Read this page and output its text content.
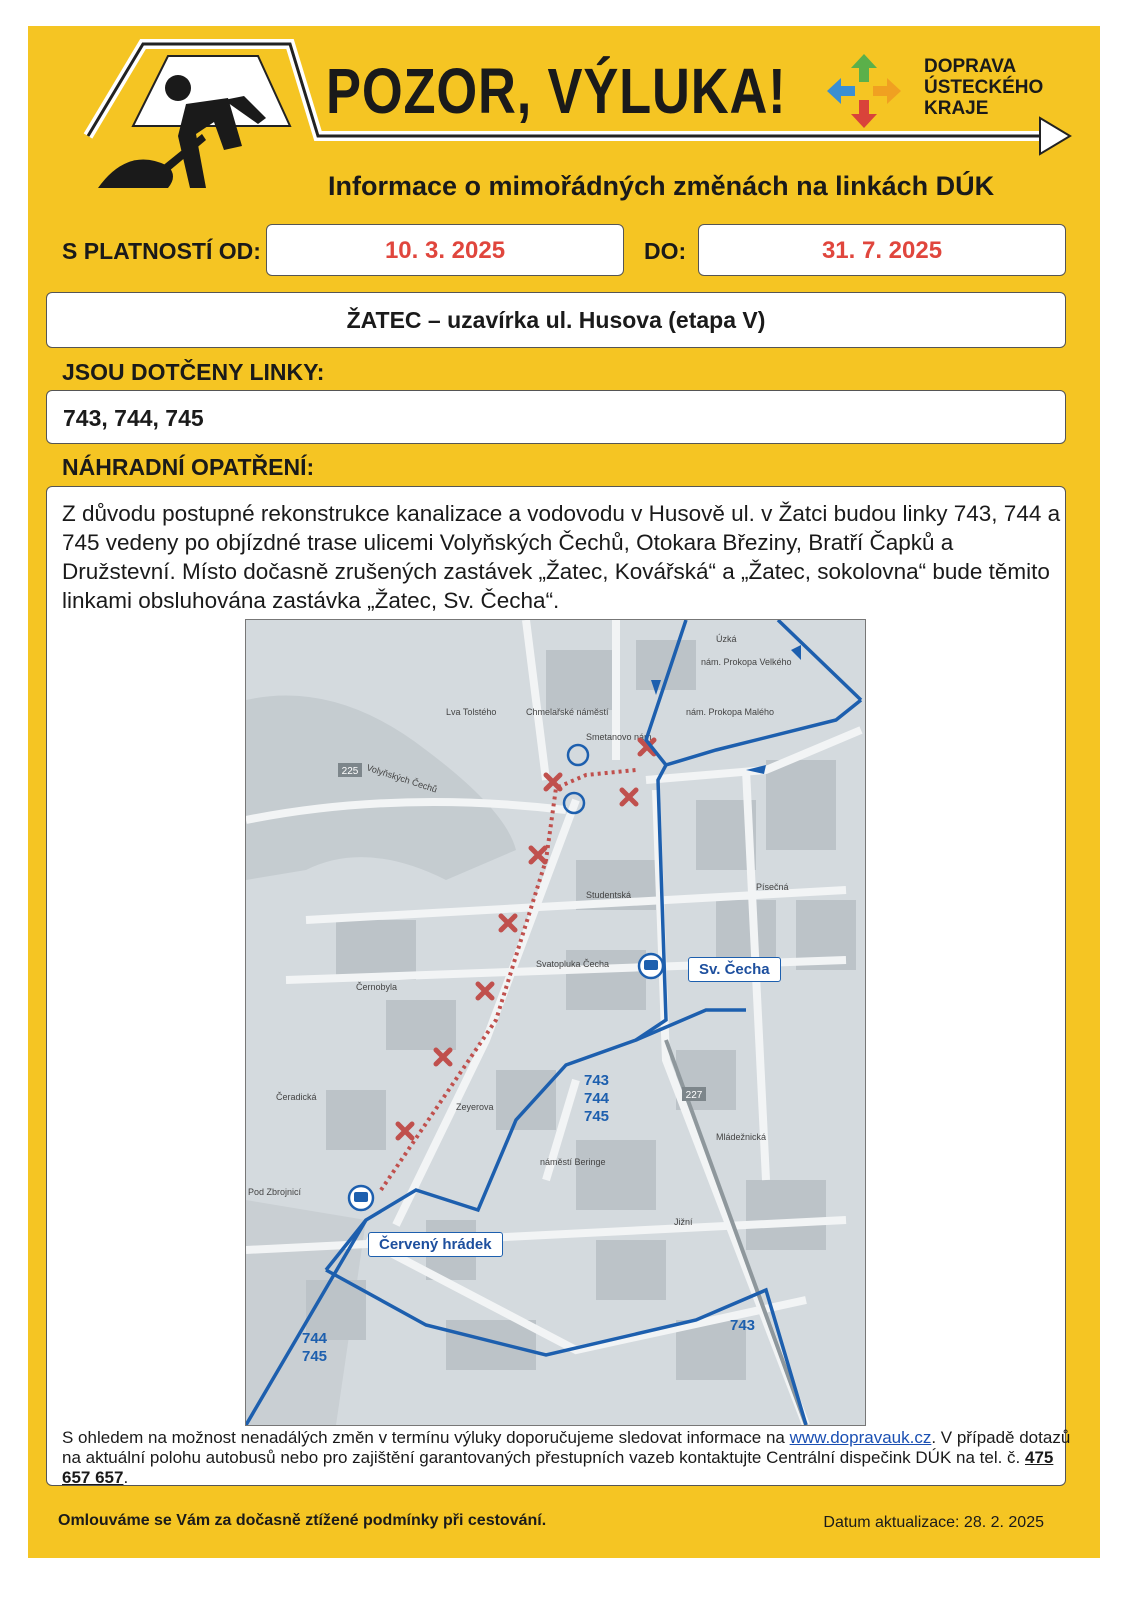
POZOR, VÝLUKA!
Informace o mimořádných změnách na linkách DÚK
DOPRAVA
ÚSTECKÉHO
KRAJE
S PLATNOSTÍ OD:	10. 3. 2025	DO:	31. 7. 2025
ŽATEC – uzavírka ul. Husova (etapa V)
JSOU DOTČENY LINKY:
743, 744, 745
NÁHRADNÍ OPATŘENÍ:
Z důvodu postupné rekonstrukce kanalizace a vodovodu v Husově ul. v Žatci budou linky 743, 744 a 745 vedeny po objízdné trase ulicemi Volyňských Čechů, Otokara Březiny, Bratří Čapků a Družstevní. Místo dočasně zrušených zastávek „Žatec, Kovářská“ a „Žatec, sokolovna“ bude těmito linkami obsluhována zastávka „Žatec, Sv. Čecha“.
225
227
Chmelařské náměstí
Smetanovo nám.
Úzká
nám. Prokopa Velkého
nám. Prokopa Malého
Studentská
Svatopluka Čecha
Mládežnická
náměstí Beringe
Jižní
Lva Tolstého
Čeradická
Zeyerova
Pod Zbrojnicí
Černobyla
Písečná
Volyňských Čechů
Sv. Čecha
Červený hrádek
743
744
745
744
745
743
S ohledem na možnost nenadálých změn v termínu výluky doporučujeme sledovat informace na www.dopravauk.cz. V případě dotazů na aktuální polohu autobusů nebo pro zajištění garantovaných přestupních vazeb kontaktujte Centrální dispečink DÚK na tel. č. 475 657 657.
Omlouváme se Vám za dočasně ztížené podmínky při cestování.	Datum aktualizace: 28. 2. 2025
